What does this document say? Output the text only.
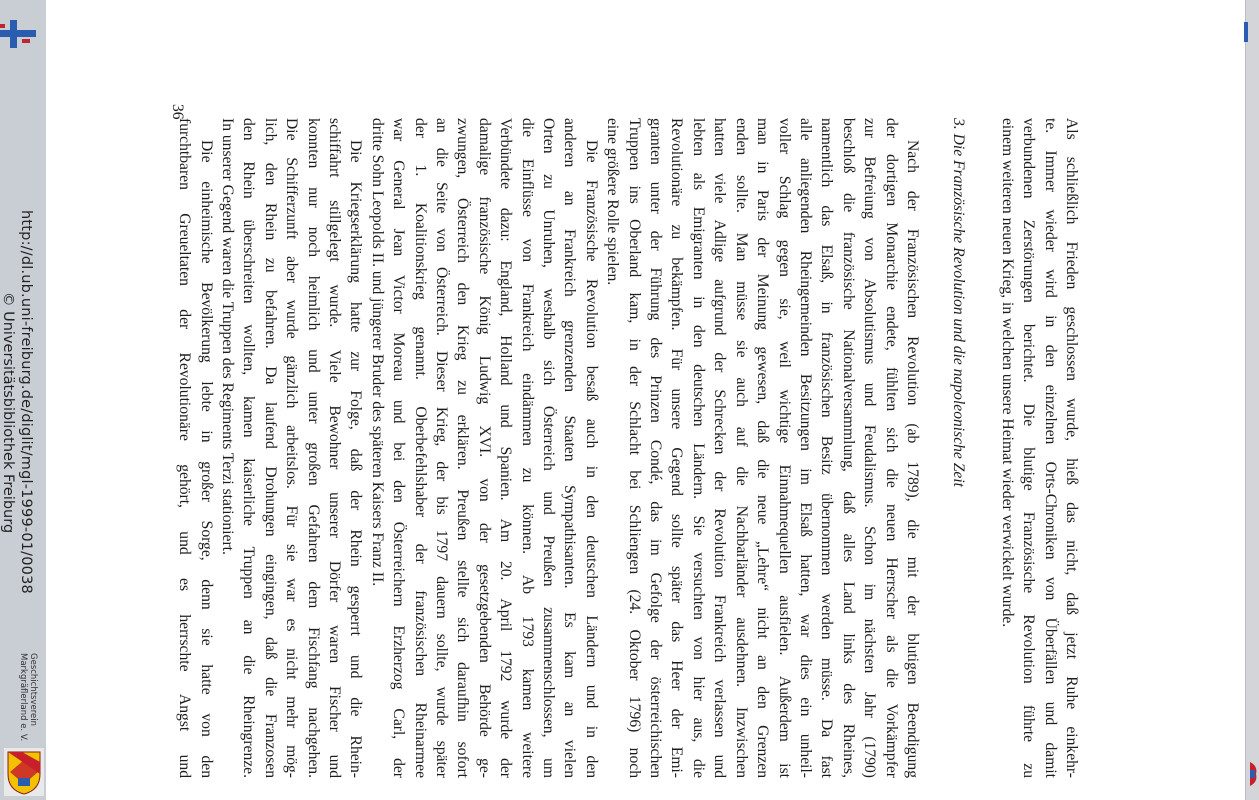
Als schließlich Frieden geschlossen wurde, hieß das nicht, daß jetzt Ruhe einkehr-

te. Immer wieder wird in den einzelnen Orts-Chroniken von Überfällen und damit

verbundenen Zerstörungen berichtet. Die blutige Französische Revolution führte zu

einem weiteren neuen Krieg, in welchen unsere Heimat wieder verwickelt wurde.

3. Die Französische Revolution und die napoleonische Zeit

Nach der Französischen Revolution (ab 1789), die mit der blutigen Beendigung

der dortigen Monarchie endete, fühlten sich die neuen Herrscher als die Vorkämpfer

zur Befreiung von Absolutismus und Feudalismus. Schon im nächsten Jahr (1790)

beschloß die französische Nationalversammlung, daß alles Land links des Rheines,

namentlich das Elsaß, in französischen Besitz übernommen werden müsse. Da fast

alle anliegenden Rheingemeinden Besitzungen im Elsaß hatten, war dies ein unheil-

voller Schlag gegen sie, weil wichtige Einnahmequellen ausfielen. Außerdem ist

man in Paris der Meinung gewesen, daß die neue „Lehre“ nicht an den Grenzen

enden sollte. Man müsse sie auch auf die Nachbarländer ausdehnen. Inzwischen

hatten viele Adlige aufgrund der Schrecken der Revolution Frankreich verlassen und

lebten als Emigranten in den deutschen Ländern. Sie versuchten von hier aus, die

Revolutionäre zu bekämpfen. Für unsere Gegend sollte später das Heer der Emi-

granten unter der Führung des Prinzen Condé, das im Gefolge der österreichischen

Truppen ins Oberland kam, in der Schlacht bei Schliengen (24. Oktober 1796) noch

eine größere Rolle spielen.

Die Französische Revolution besaß auch in den deutschen Ländern und in den

anderen an Frankreich grenzenden Staaten Sympathisanten. Es kam an vielen

Orten zu Unruhen, weshalb sich Österreich und Preußen zusammenschlossen, um

die Einflüsse von Frankreich eindämmen zu können. Ab 1793 kamen weitere

Verbündete dazu: England, Holland und Spanien. Am 20. April 1792 wurde der

damalige französische König Ludwig XVI. von der gesetzgebenden Behörde ge-

zwungen, Österreich den Krieg zu erklären. Preußen stellte sich daraufhin sofort

an die Seite von Österreich. Dieser Krieg, der bis 1797 dauern sollte, wurde später

der 1. Koalitionskrieg genannt. Oberbefehlshaber der französischen Rheinarmee

war General Jean Victor Moreau und bei den Österreichern Erzherzog Carl, der

dritte Sohn Leopolds II. und jüngerer Bruder des späteren Kaisers Franz II.

Die Kriegserklärung hatte zur Folge, daß der Rhein gesperrt und die Rhein-

schiffahrt stillgelegt wurde. Viele Bewohner unserer Dörfer waren Fischer und

konnten nur noch heimlich und unter großen Gefahren dem Fischfang nachgehen.

Die Schifferzunft aber wurde gänzlich arbeitslos. Für sie war es nicht mehr mög-

lich, den Rhein zu befahren. Da laufend Drohungen eingingen, daß die Franzosen

den Rhein überschreiten wollten, kamen kaiserliche Truppen an die Rheingrenze.

In unserer Gegend waren die Truppen des Regiments Terzi stationiert.

Die einheimische Bevölkerung lebte in großer Sorge, denn sie hatte von den

furchtbaren Greueltaten der Revolutionäre gehört, und es herrschte Angst und

36
http://dl.ub.uni-freiburg.de/diglit/mgl-1999-01/0038
© Universitätsbibliothek Freiburg
Geschichtsverein
Markgräflerland e. V.
